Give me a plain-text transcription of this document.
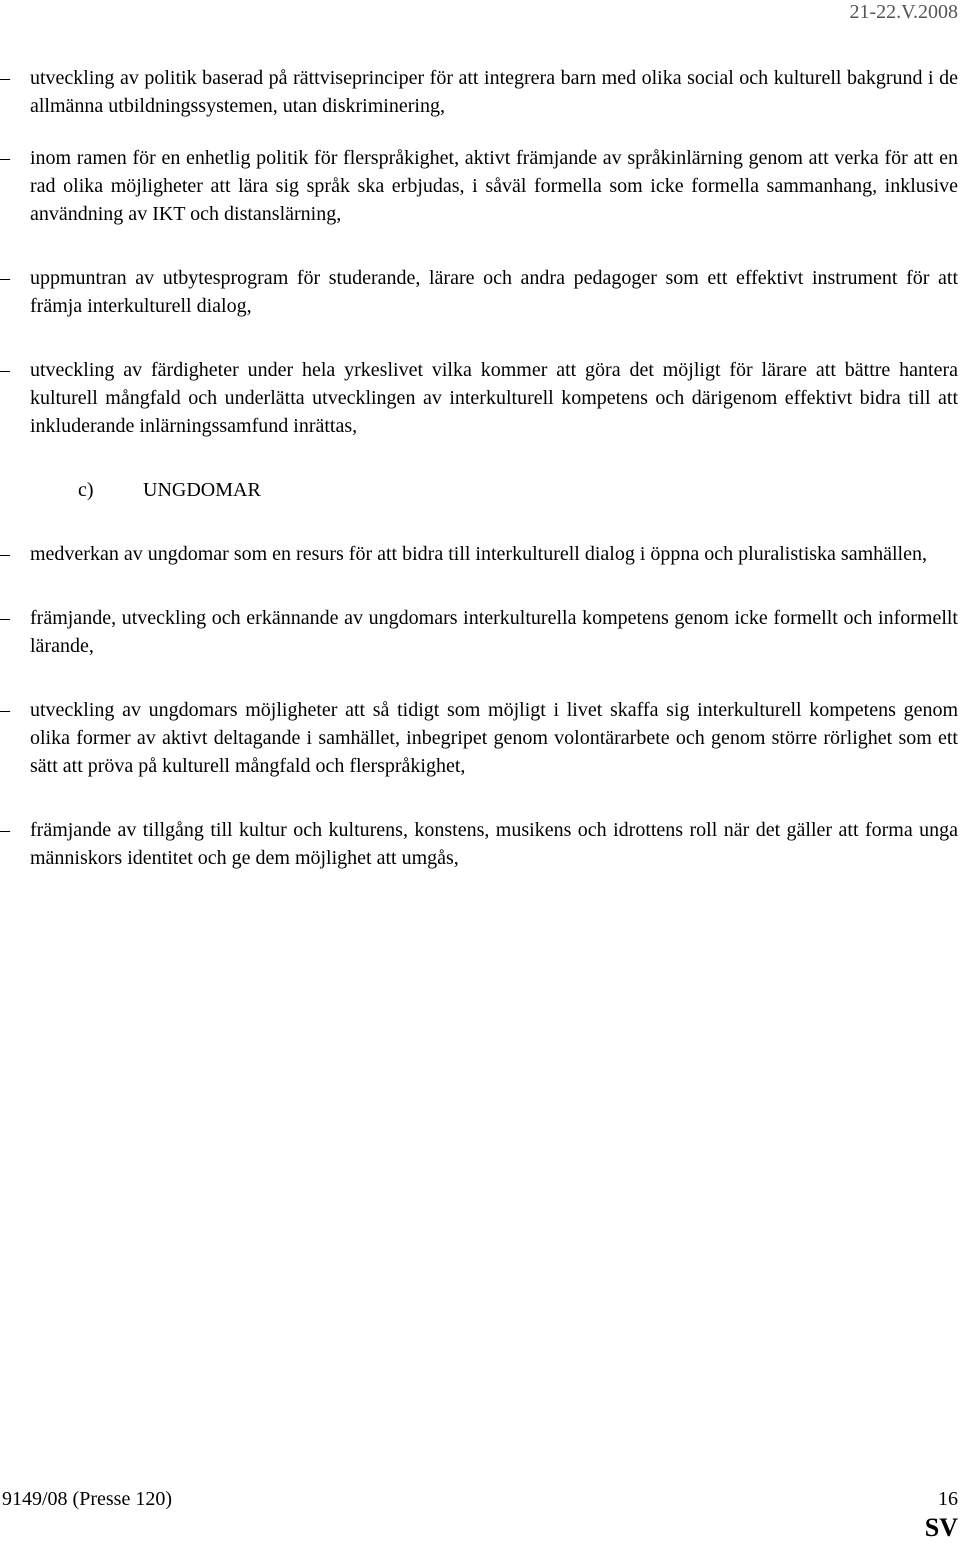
21-22.V.2008

–	utveckling av politik baserad på rättviseprinciper för att integrera barn med olika social och kulturell bakgrund i de allmänna utbildningssystemen, utan diskriminering,

–	inom ramen för en enhetlig politik för flerspråkighet, aktivt främjande av språkinlärning genom att verka för att en rad olika möjligheter att lära sig språk ska erbjudas, i såväl formella som icke formella sammanhang, inklusive användning av IKT och distanslärning,

–	uppmuntran av utbytesprogram för studerande, lärare och andra pedagoger som ett effektivt instrument för att främja interkulturell dialog,

–	utveckling av färdigheter under hela yrkeslivet vilka kommer att göra det möjligt för lärare att bättre hantera kulturell mångfald och underlätta utvecklingen av interkulturell kompetens och därigenom effektivt bidra till att inkluderande inlärningssamfund inrättas,

c) UNGDOMAR

–	medverkan av ungdomar som en resurs för att bidra till interkulturell dialog i öppna och pluralistiska samhällen,

–	främjande, utveckling och erkännande av ungdomars interkulturella kompetens genom icke formellt och informellt lärande,

–	utveckling av ungdomars möjligheter att så tidigt som möjligt i livet skaffa sig interkulturell kompetens genom olika former av aktivt deltagande i samhället, inbegripet genom volontärarbete och genom större rörlighet som ett sätt att pröva på kulturell mångfald och flerspråkighet,

–	främjande av tillgång till kultur och kulturens, konstens, musikens och idrottens roll när det gäller att forma unga människors identitet och ge dem möjlighet att umgås,

9149/08 (Presse 120)	16
SV
